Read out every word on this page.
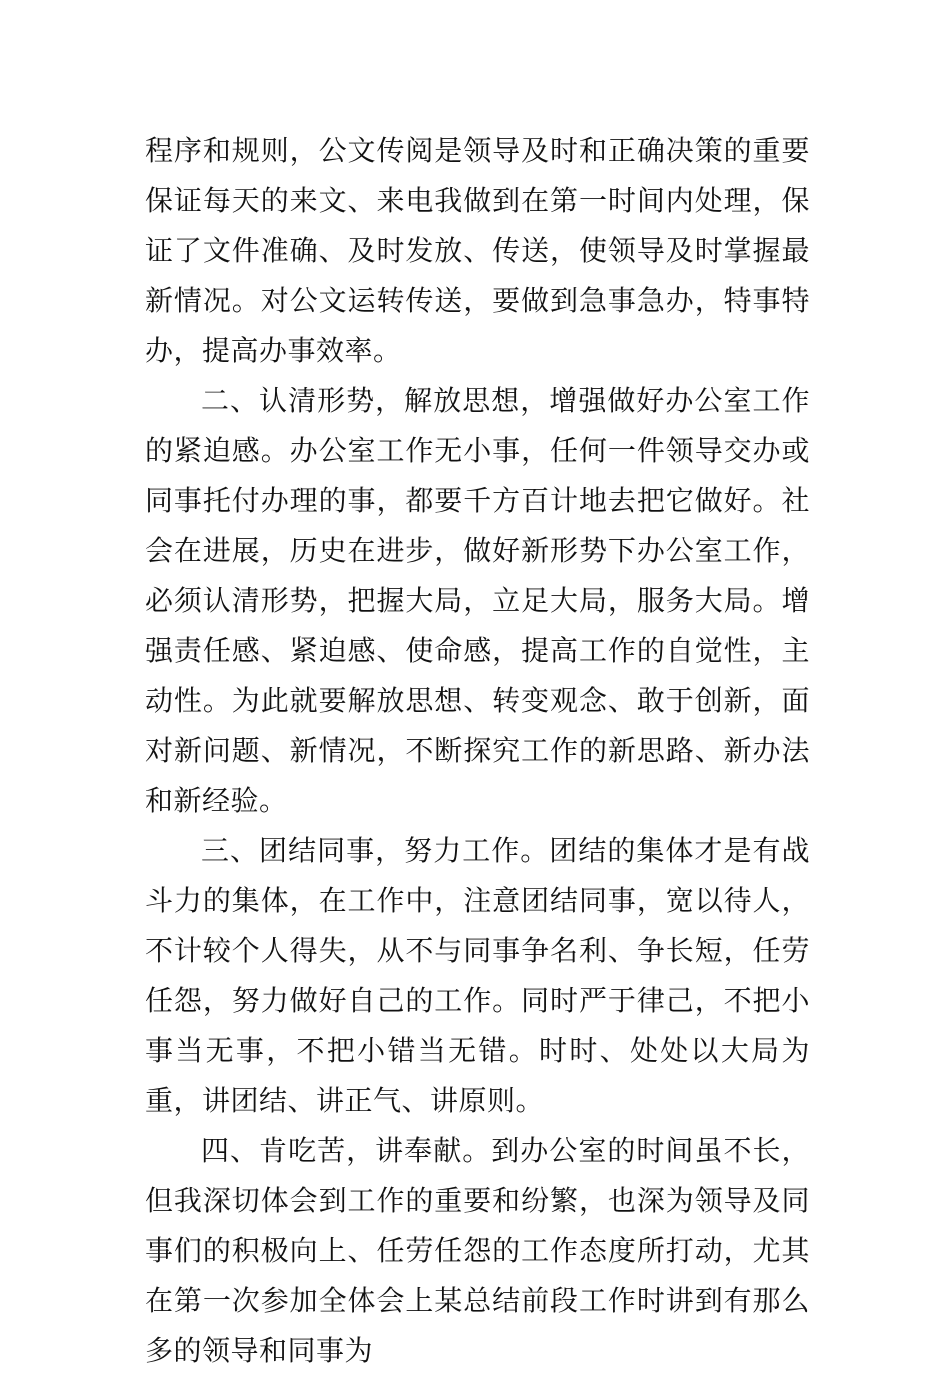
程序和规则，公文传阅是领导及时和正确决策的重要保证每天的来文、来电我做到在第一时间内处理，保证了文件准确、及时发放、传送，使领导及时掌握最新情况。对公文运转传送，要做到急事急办，特事特办，提高办事效率。

二、认清形势，解放思想，增强做好办公室工作的紧迫感。办公室工作无小事，任何一件领导交办或同事托付办理的事，都要千方百计地去把它做好。社会在进展，历史在进步，做好新形势下办公室工作，必须认清形势，把握大局，立足大局，服务大局。增强责任感、紧迫感、使命感，提高工作的自觉性，主动性。为此就要解放思想、转变观念、敢于创新，面对新问题、新情况，不断探究工作的新思路、新办法和新经验。

三、团结同事，努力工作。团结的集体才是有战斗力的集体，在工作中，注意团结同事，宽以待人，不计较个人得失，从不与同事争名利、争长短，任劳任怨，努力做好自己的工作。同时严于律己，不把小事当无事，不把小错当无错。时时、处处以大局为重，讲团结、讲正气、讲原则。

四、肯吃苦，讲奉献。到办公室的时间虽不长，但我深切体会到工作的重要和纷繁，也深为领导及同事们的积极向上、任劳任怨的工作态度所打动，尤其在第一次参加全体会上某总结前段工作时讲到有那么多的领导和同事为
